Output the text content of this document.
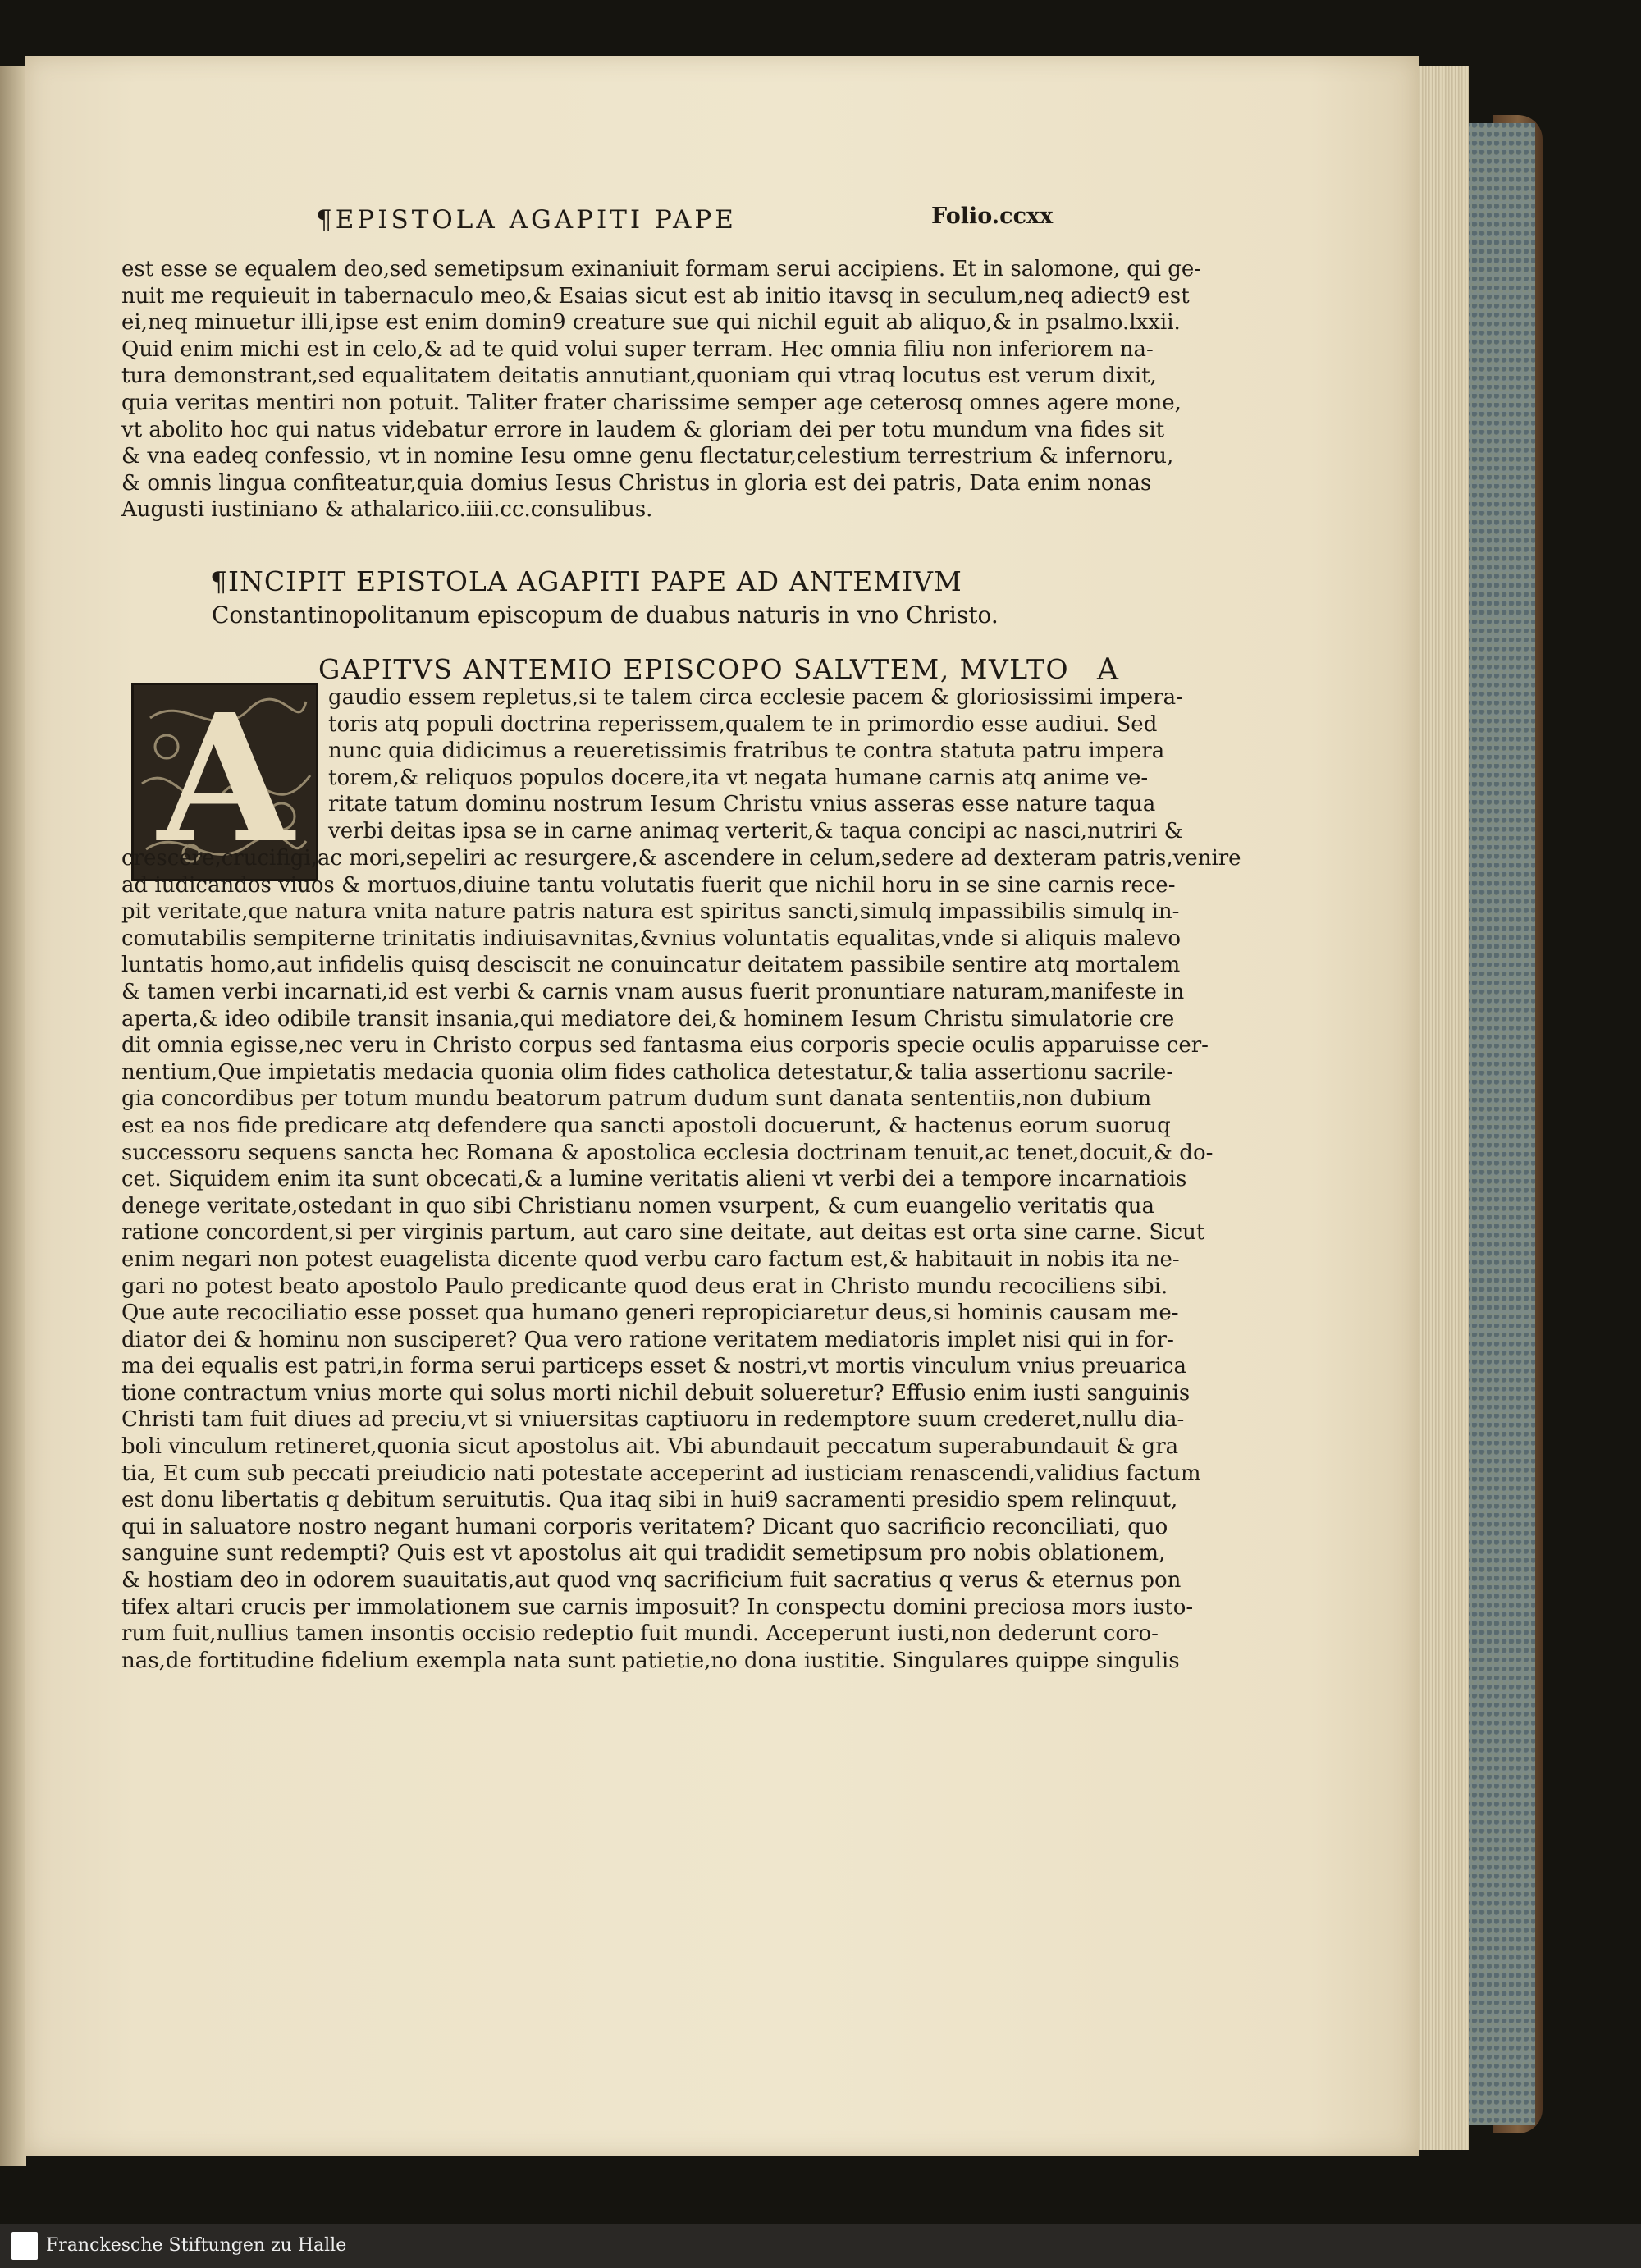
¶EPISTOLA AGAPITI PAPE	Folio.ccxx
est esse se equalem deo,sed semetipsum exinaniuit formam serui accipiens. Et in salomone, qui ge-
nuit me requieuit in tabernaculo meo,& Esaias sicut est ab initio itavsq in seculum,neq adiect9 est
ei,neq minuetur illi,ipse est enim domin9 creature sue qui nichil eguit ab aliquo,& in psalmo.lxxii.
Quid enim michi est in celo,& ad te quid volui super terram. Hec omnia filiu non inferiorem na-
tura demonstrant,sed equalitatem deitatis annutiant,quoniam qui vtraq locutus est verum dixit,
quia veritas mentiri non potuit. Taliter frater charissime semper age ceterosq omnes agere mone,
vt abolito hoc qui natus videbatur errore in laudem & gloriam dei per totu mundum vna fides sit
& vna eadeq confessio, vt in nomine Iesu omne genu flectatur,celestium terrestrium & infernoru,
& omnis lingua confiteatur,quia domius Iesus Christus in gloria est dei patris, Data enim nonas
Augusti iustiniano & athalarico.iiii.cc.consulibus.
¶INCIPIT EPISTOLA AGAPITI PAPE AD ANTEMIVM
Constantinopolitanum episcopum de duabus naturis in vno Christo.
GAPITVS ANTEMIO EPISCOPO SALVTEM, MVLTO A
A	gaudio essem repletus,si te talem circa ecclesie pacem & gloriosissimi impera-
toris atq populi doctrina reperissem,qualem te in primordio esse audiui. Sed
nunc quia didicimus a reueretissimis fratribus te contra statuta patru impera
torem,& reliquos populos docere,ita vt negata humane carnis atq anime ve-
ritate tatum dominu nostrum Iesum Christu vnius asseras esse nature taqua
verbi deitas ipsa se in carne animaq verterit,& taqua concipi ac nasci,nutriri &
crescere,crucifigi,ac mori,sepeliri ac resurgere,& ascendere in celum,sedere ad dexteram patris,venire
ad iudicandos viuos & mortuos,diuine tantu volutatis fuerit que nichil horu in se sine carnis rece-
pit veritate,que natura vnita nature patris natura est spiritus sancti,simulq impassibilis simulq in-
comutabilis sempiterne trinitatis indiuisavnitas,&vnius voluntatis equalitas,vnde si aliquis malevo
luntatis homo,aut infidelis quisq desciscit ne conuincatur deitatem passibile sentire atq mortalem
& tamen verbi incarnati,id est verbi & carnis vnam ausus fuerit pronuntiare naturam,manifeste in
aperta,& ideo odibile transit insania,qui mediatore dei,& hominem Iesum Christu simulatorie cre
dit omnia egisse,nec veru in Christo corpus sed fantasma eius corporis specie oculis apparuisse cer-
nentium,Que impietatis medacia quonia olim fides catholica detestatur,& talia assertionu sacrile-
gia concordibus per totum mundu beatorum patrum dudum sunt danata sententiis,non dubium
est ea nos fide predicare atq defendere qua sancti apostoli docuerunt, & hactenus eorum suoruq
successoru sequens sancta hec Romana & apostolica ecclesia doctrinam tenuit,ac tenet,docuit,& do-
cet. Siquidem enim ita sunt obcecati,& a lumine veritatis alieni vt verbi dei a tempore incarnatiois
denege veritate,ostedant in quo sibi Christianu nomen vsurpent, & cum euangelio veritatis qua
ratione concordent,si per virginis partum, aut caro sine deitate, aut deitas est orta sine carne. Sicut
enim negari non potest euagelista dicente quod verbu caro factum est,& habitauit in nobis ita ne-
gari no potest beato apostolo Paulo predicante quod deus erat in Christo mundu recociliens sibi.
Que aute recociliatio esse posset qua humano generi repropiciaretur deus,si hominis causam me-
diator dei & hominu non susciperet? Qua vero ratione veritatem mediatoris implet nisi qui in for-
ma dei equalis est patri,in forma serui particeps esset & nostri,vt mortis vinculum vnius preuarica
tione contractum vnius morte qui solus morti nichil debuit solueretur? Effusio enim iusti sanguinis
Christi tam fuit diues ad preciu,vt si vniuersitas captiuoru in redemptore suum crederet,nullu dia-
boli vinculum retineret,quonia sicut apostolus ait. Vbi abundauit peccatum superabundauit & gra
tia, Et cum sub peccati preiudicio nati potestate acceperint ad iusticiam renascendi,validius factum
est donu libertatis q debitum seruitutis. Qua itaq sibi in hui9 sacramenti presidio spem relinquut,
qui in saluatore nostro negant humani corporis veritatem? Dicant quo sacrificio reconciliati, quo
sanguine sunt redempti? Quis est vt apostolus ait qui tradidit semetipsum pro nobis oblationem,
& hostiam deo in odorem suauitatis,aut quod vnq sacrificium fuit sacratius q verus & eternus pon
tifex altari crucis per immolationem sue carnis imposuit? In conspectu domini preciosa mors iusto-
rum fuit,nullius tamen insontis occisio redeptio fuit mundi. Acceperunt iusti,non dederunt coro-
nas,de fortitudine fidelium exempla nata sunt patietie,no dona iustitie. Singulares quippe singulis
Franckesche Stiftungen zu Halle
